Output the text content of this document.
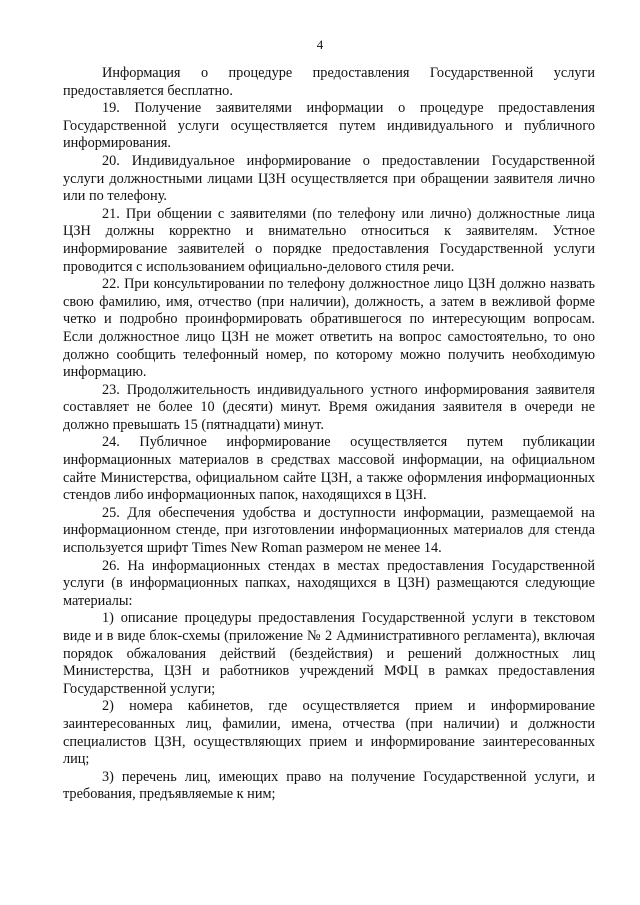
4

Информация о процедуре предоставления Государственной услуги предоставляется бесплатно.

19. Получение заявителями информации о процедуре предоставления Государственной услуги осуществляется путем индивидуального и публичного информирования.

20. Индивидуальное информирование о предоставлении Государственной услуги должностными лицами ЦЗН осуществляется при обращении заявителя лично или по телефону.

21. При общении с заявителями (по телефону или лично) должностные лица ЦЗН должны корректно и внимательно относиться к заявителям. Устное информирование заявителей о порядке предоставления Государственной услуги проводится с использованием официально-делового стиля речи.

22. При консультировании по телефону должностное лицо ЦЗН должно назвать свою фамилию, имя, отчество (при наличии), должность, а затем в вежливой форме четко и подробно проинформировать обратившегося по интересующим вопросам. Если должностное лицо ЦЗН не может ответить на вопрос самостоятельно, то оно должно сообщить телефонный номер, по которому можно получить необходимую информацию.

23. Продолжительность индивидуального устного информирования заявителя составляет не более 10 (десяти) минут. Время ожидания заявителя в очереди не должно превышать 15 (пятнадцати) минут.

24. Публичное информирование осуществляется путем публикации информационных материалов в средствах массовой информации, на официальном сайте Министерства, официальном сайте ЦЗН, а также оформления информационных стендов либо информационных папок, находящихся в ЦЗН.

25. Для обеспечения удобства и доступности информации, размещаемой на информационном стенде, при изготовлении информационных материалов для стенда используется шрифт Times New Roman размером не менее 14.

26. На информационных стендах в местах предоставления Государственной услуги (в информационных папках, находящихся в ЦЗН) размещаются следующие материалы:

1) описание процедуры предоставления Государственной услуги в текстовом виде и в виде блок-схемы (приложение № 2 Административного регламента), включая порядок обжалования действий (бездействия) и решений должностных лиц Министерства, ЦЗН и работников учреждений МФЦ в рамках предоставления Государственной услуги;

2) номера кабинетов, где осуществляется прием и информирование заинтересованных лиц, фамилии, имена, отчества (при наличии) и должности специалистов ЦЗН, осуществляющих прием и информирование заинтересованных лиц;

3) перечень лиц, имеющих право на получение Государственной услуги, и требования, предъявляемые к ним;
